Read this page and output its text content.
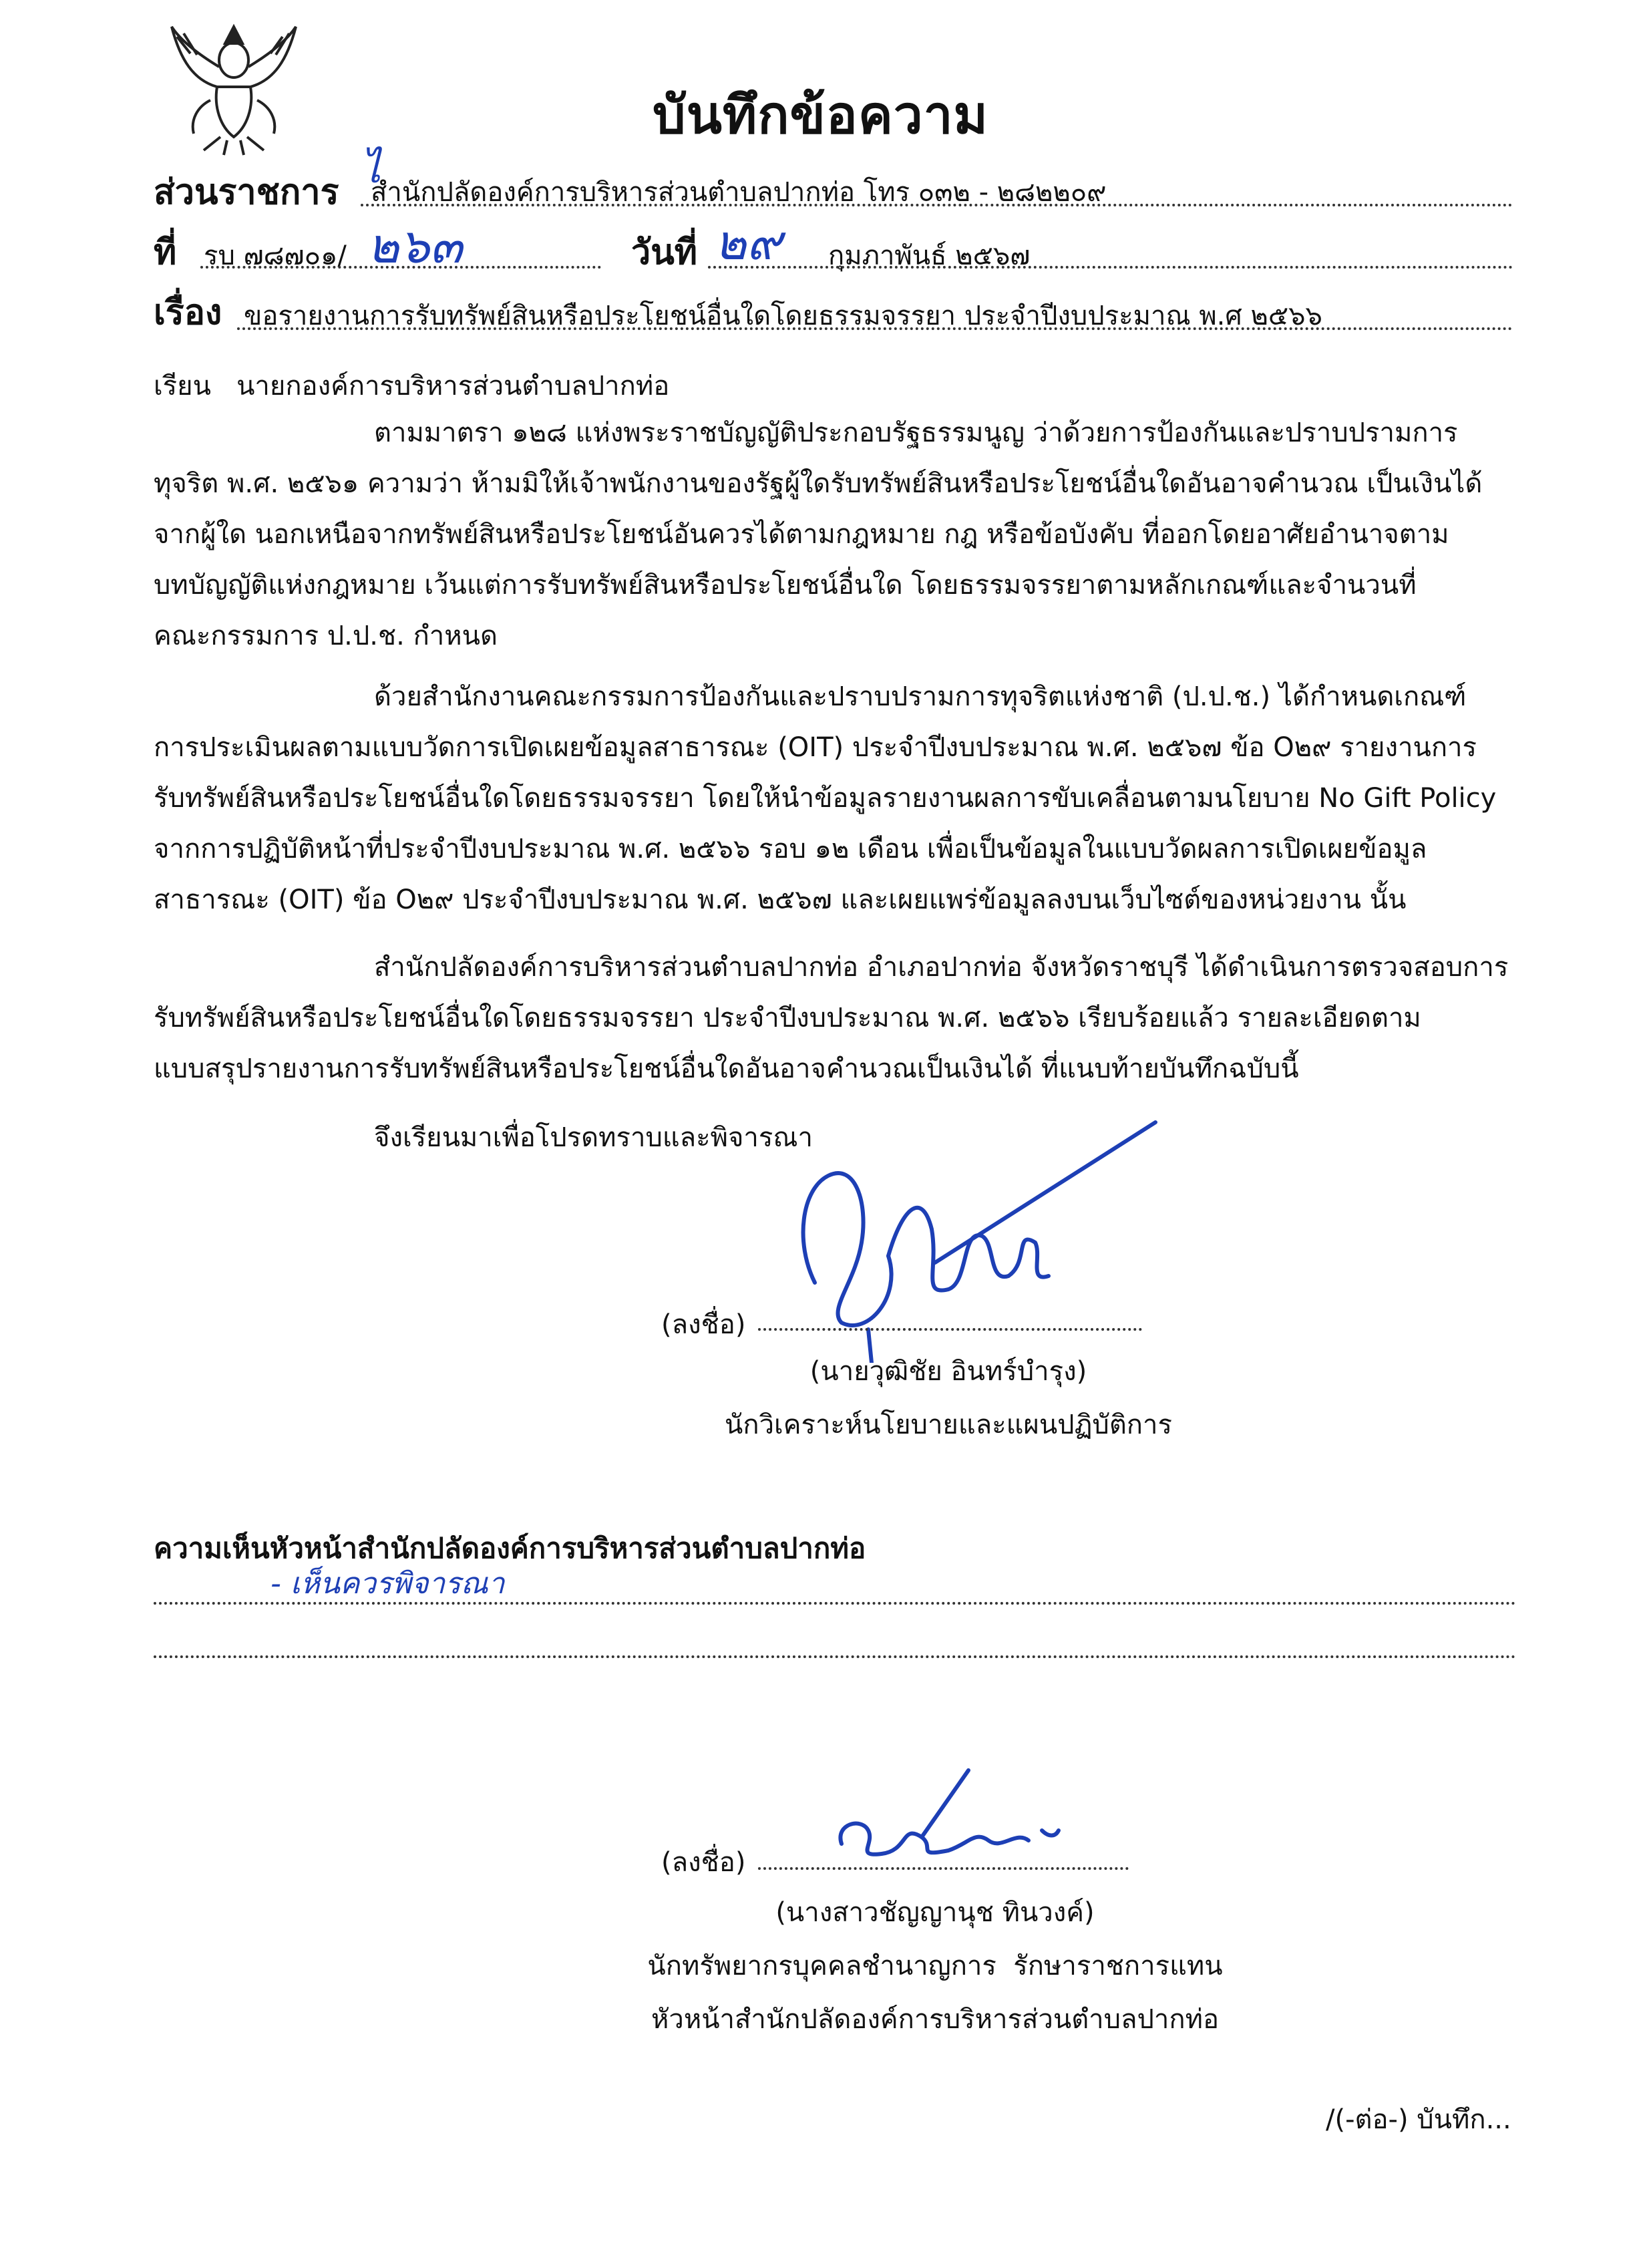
บันทึกข้อความ
ส่วนราชการ สำนักปลัดองค์การบริหารส่วนตำบลปากท่อ โทร ๐๓๒ - ๒๘๒๒๐๙
ไ
ที่ รบ ๗๘๗๐๑/ ๒๖๓	วันที่ ๒๙ กุมภาพันธ์ ๒๕๖๗
เรื่อง ขอรายงานการรับทรัพย์สินหรือประโยชน์อื่นใดโดยธรรมจรรยา ประจำปีงบประมาณ พ.ศ ๒๕๖๖
เรียน   นายกองค์การบริหารส่วนตำบลปากท่อ
ตามมาตรา ๑๒๘ แห่งพระราชบัญญัติประกอบรัฐธรรมนูญ ว่าด้วยการป้องกันและปราบปรามการ
ทุจริต พ.ศ. ๒๕๖๑ ความว่า ห้ามมิให้เจ้าพนักงานของรัฐผู้ใดรับทรัพย์สินหรือประโยชน์อื่นใดอันอาจคำนวณ เป็นเงินได้
จากผู้ใด นอกเหนือจากทรัพย์สินหรือประโยชน์อันควรได้ตามกฎหมาย กฎ หรือข้อบังคับ ที่ออกโดยอาศัยอำนาจตาม
บทบัญญัติแห่งกฎหมาย เว้นแต่การรับทรัพย์สินหรือประโยชน์อื่นใด โดยธรรมจรรยาตามหลักเกณฑ์และจำนวนที่
คณะกรรมการ ป.ป.ช. กำหนด
ด้วยสำนักงานคณะกรรมการป้องกันและปราบปรามการทุจริตแห่งชาติ (ป.ป.ช.) ได้กำหนดเกณฑ์
การประเมินผลตามแบบวัดการเปิดเผยข้อมูลสาธารณะ (OIT) ประจำปีงบประมาณ พ.ศ. ๒๕๖๗ ข้อ O๒๙ รายงานการ
รับทรัพย์สินหรือประโยชน์อื่นใดโดยธรรมจรรยา โดยให้นำข้อมูลรายงานผลการขับเคลื่อนตามนโยบาย No Gift Policy
จากการปฏิบัติหน้าที่ประจำปีงบประมาณ พ.ศ. ๒๕๖๖ รอบ ๑๒ เดือน เพื่อเป็นข้อมูลในแบบวัดผลการเปิดเผยข้อมูล
สาธารณะ (OIT) ข้อ O๒๙ ประจำปีงบประมาณ พ.ศ. ๒๕๖๗ และเผยแพร่ข้อมูลลงบนเว็บไซต์ของหน่วยงาน นั้น
สำนักปลัดองค์การบริหารส่วนตำบลปากท่อ อำเภอปากท่อ จังหวัดราชบุรี ได้ดำเนินการตรวจสอบการ
รับทรัพย์สินหรือประโยชน์อื่นใดโดยธรรมจรรยา ประจำปีงบประมาณ พ.ศ. ๒๕๖๖ เรียบร้อยแล้ว รายละเอียดตาม
แบบสรุปรายงานการรับทรัพย์สินหรือประโยชน์อื่นใดอันอาจคำนวณเป็นเงินได้ ที่แนบท้ายบันทึกฉบับนี้
จึงเรียนมาเพื่อโปรดทราบและพิจารณา
(ลงชื่อ)
(นายวุฒิชัย อินทร์บำรุง)
นักวิเคราะห์นโยบายและแผนปฏิบัติการ
ความเห็นหัวหน้าสำนักปลัดองค์การบริหารส่วนตำบลปากท่อ
- เห็นควรพิจารณา
(ลงชื่อ)
(นางสาวชัญญานุช ทินวงค์)
นักทรัพยากรบุคคลชำนาญการ  รักษาราชการแทน
หัวหน้าสำนักปลัดองค์การบริหารส่วนตำบลปากท่อ
/(-ต่อ-) บันทึก...
